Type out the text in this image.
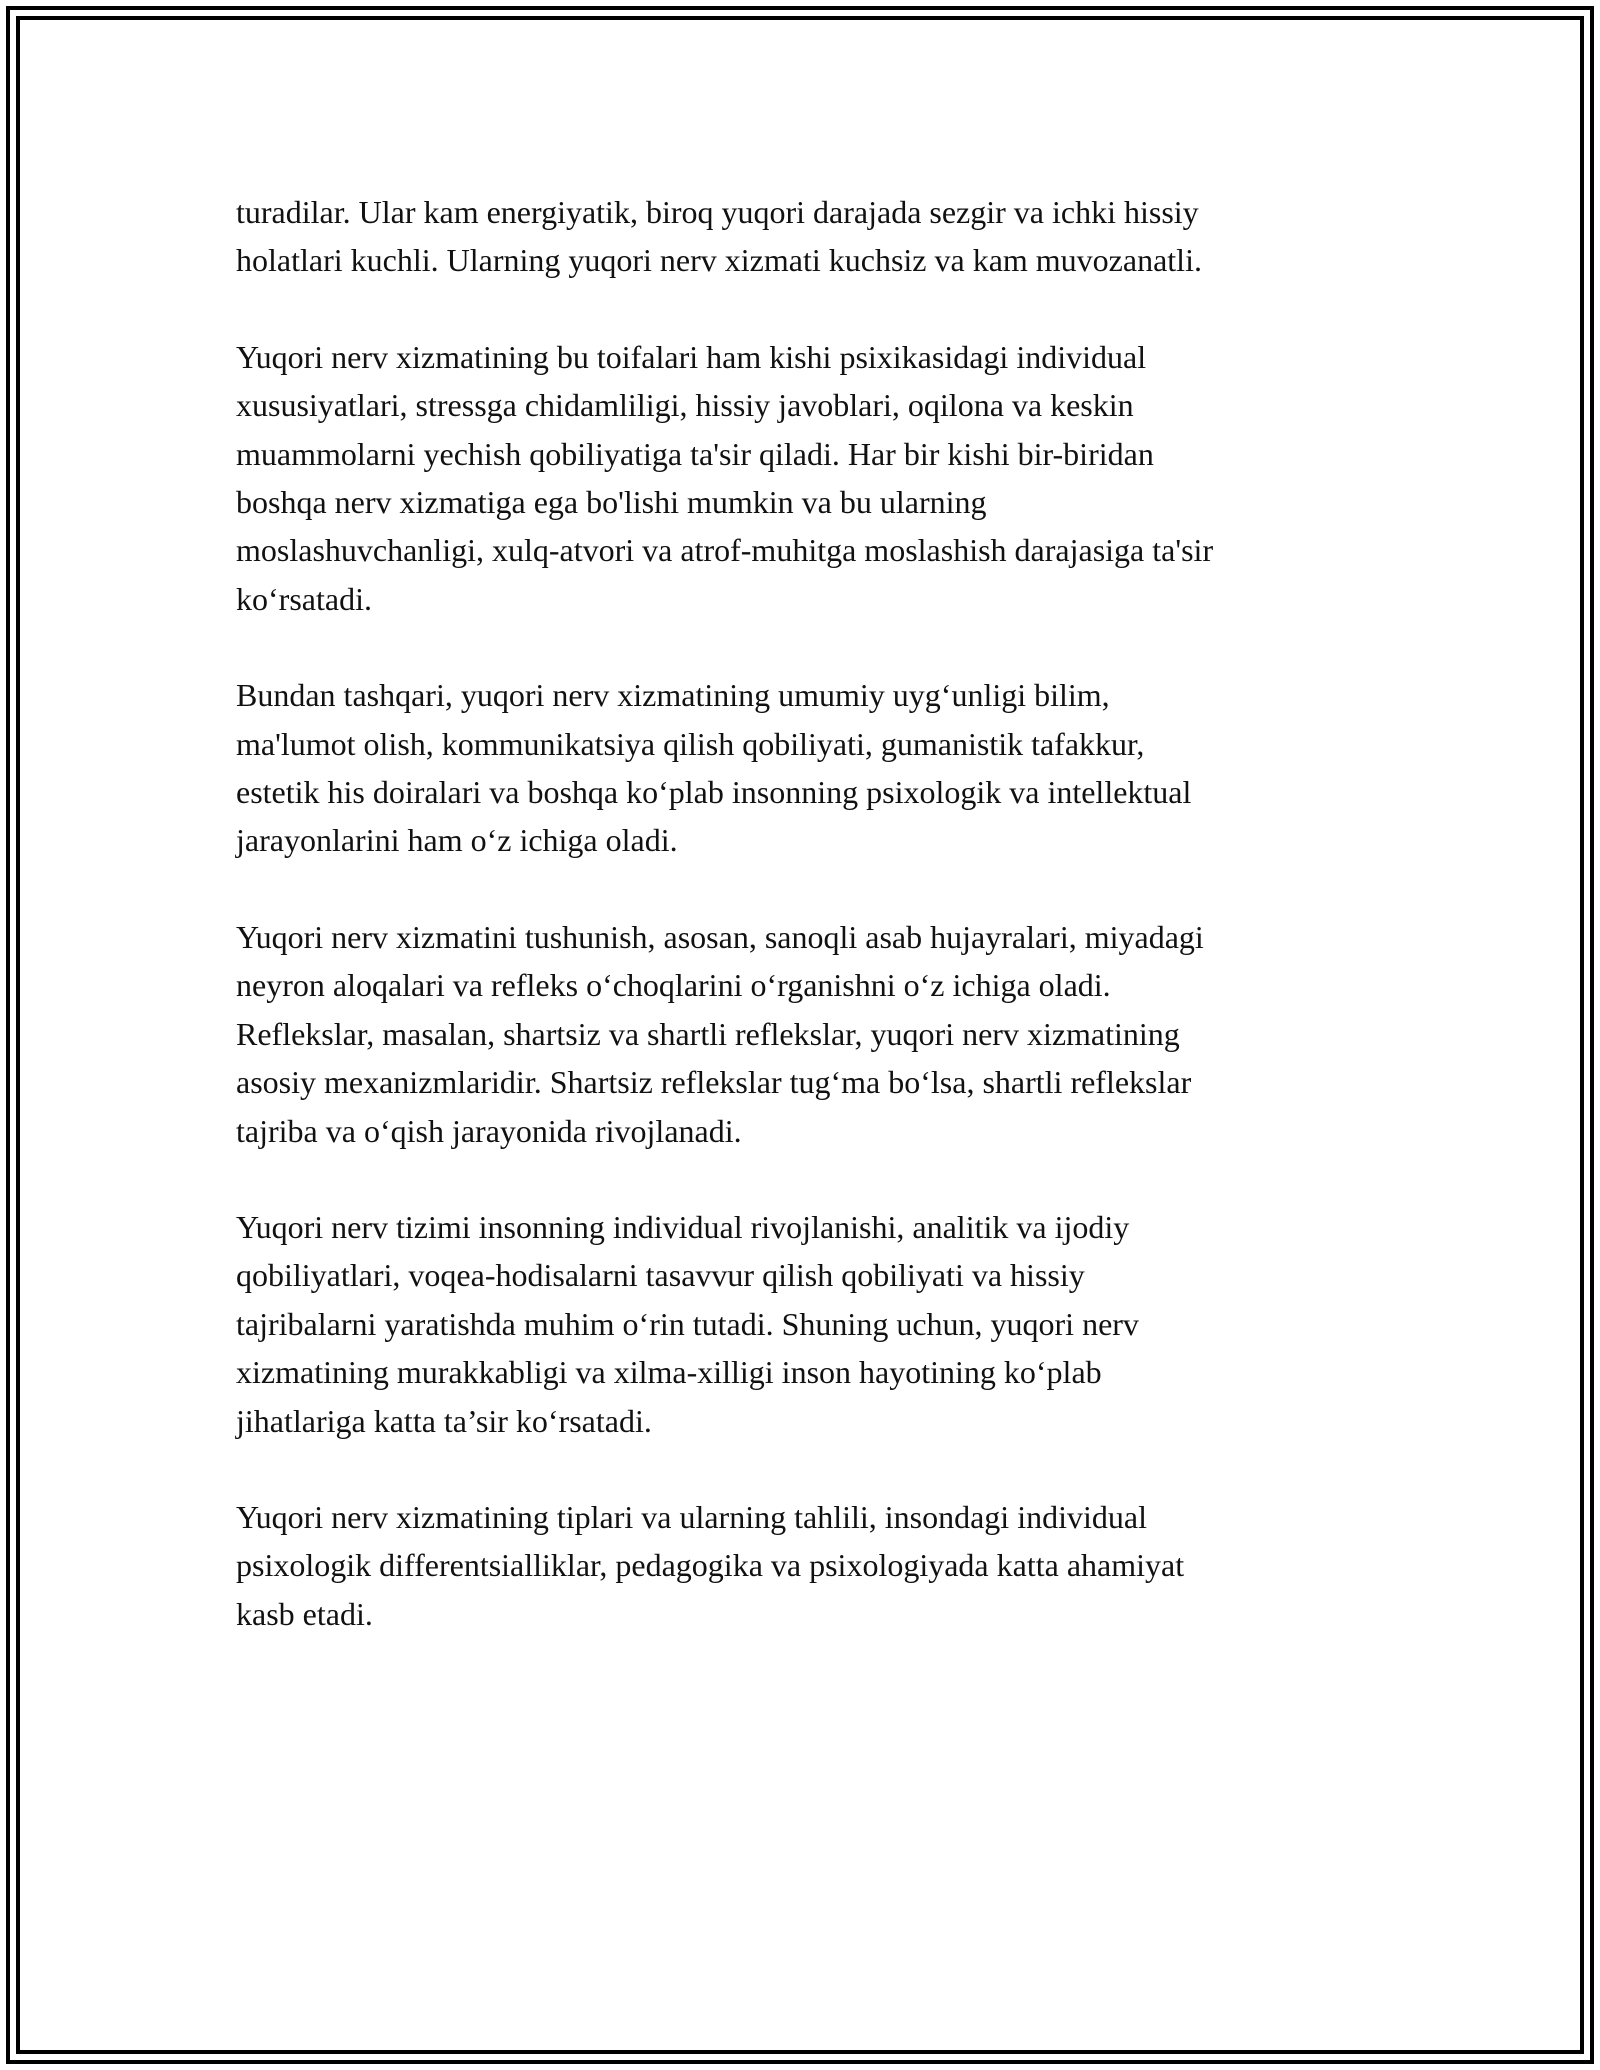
turadilar. Ular kam energiyatik, biroq yuqori darajada sezgir va ichki hissiy
holatlari kuchli. Ularning yuqori nerv xizmati kuchsiz va kam muvozanatli.

Yuqori nerv xizmatining bu toifalari ham kishi psixikasidagi individual
xususiyatlari, stressga chidamliligi, hissiy javoblari, oqilona va keskin
muammolarni yechish qobiliyatiga ta'sir qiladi. Har bir kishi bir-biridan
boshqa nerv xizmatiga ega bo'lishi mumkin va bu ularning
moslashuvchanligi, xulq-atvori va atrof-muhitga moslashish darajasiga ta'sir
ko‘rsatadi.

Bundan tashqari, yuqori nerv xizmatining umumiy uyg‘unligi bilim,
ma'lumot olish, kommunikatsiya qilish qobiliyati, gumanistik tafakkur,
estetik his doiralari va boshqa ko‘plab insonning psixologik va intellektual
jarayonlarini ham o‘z ichiga oladi.

Yuqori nerv xizmatini tushunish, asosan, sanoqli asab hujayralari, miyadagi
neyron aloqalari va refleks o‘choqlarini o‘rganishni o‘z ichiga oladi.
Reflekslar, masalan, shartsiz va shartli reflekslar, yuqori nerv xizmatining
asosiy mexanizmlaridir. Shartsiz reflekslar tug‘ma bo‘lsa, shartli reflekslar
tajriba va o‘qish jarayonida rivojlanadi.

Yuqori nerv tizimi insonning individual rivojlanishi, analitik va ijodiy
qobiliyatlari, voqea-hodisalarni tasavvur qilish qobiliyati va hissiy
tajribalarni yaratishda muhim o‘rin tutadi. Shuning uchun, yuqori nerv
xizmatining murakkabligi va xilma-xilligi inson hayotining ko‘plab
jihatlariga katta ta’sir ko‘rsatadi.

Yuqori nerv xizmatining tiplari va ularning tahlili, insondagi individual
psixologik differentsialliklar, pedagogika va psixologiyada katta ahamiyat
kasb etadi.
